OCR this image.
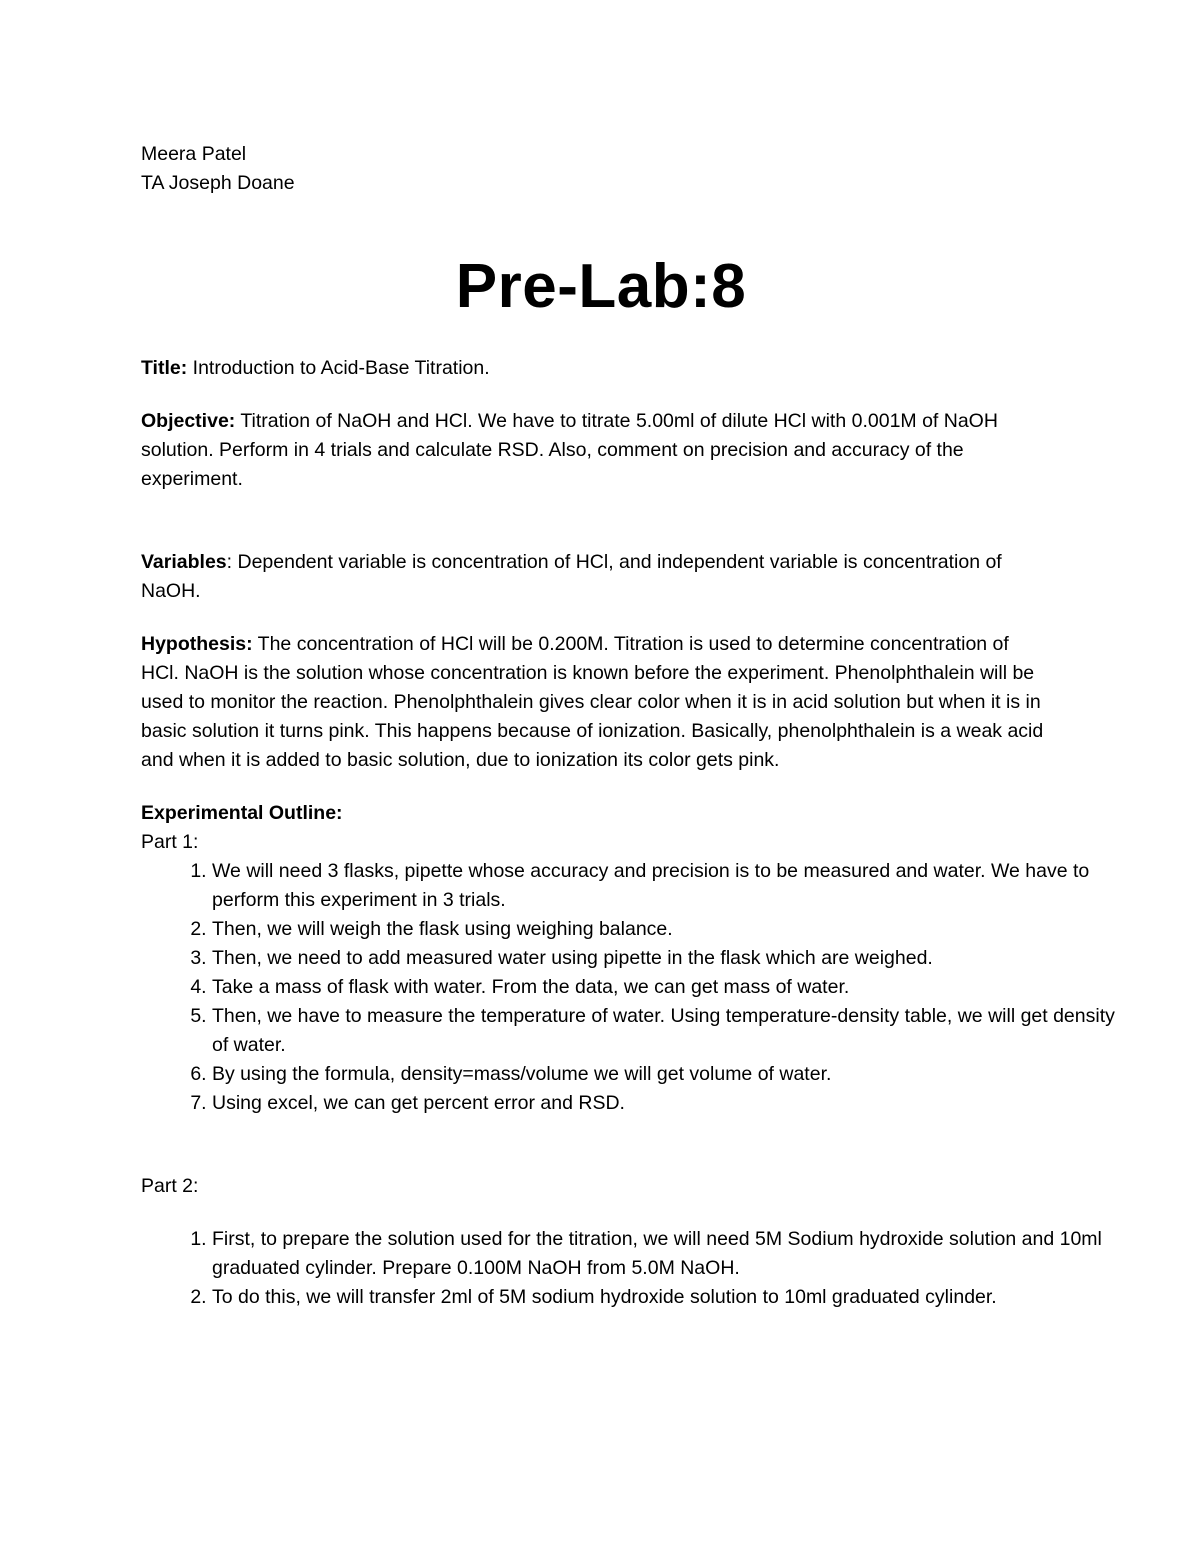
Meera Patel

TA Joseph Doane

Pre-Lab:8

Title: Introduction to Acid-Base Titration.

Objective: Titration of NaOH and HCl. We have to titrate 5.00ml of dilute HCl with 0.001M of NaOH solution. Perform in 4 trials and calculate RSD. Also, comment on precision and accuracy of the experiment.

Variables: Dependent variable is concentration of HCl, and independent variable is concentration of NaOH.

Hypothesis: The concentration of HCl will be 0.200M. Titration is used to determine concentration of HCl. NaOH is the solution whose concentration is known before the experiment. Phenolphthalein will be used to monitor the reaction. Phenolphthalein gives clear color when it is in acid solution but when it is in basic solution it turns pink. This happens because of ionization. Basically, phenolphthalein is a weak acid and when it is added to basic solution, due to ionization its color gets pink.

Experimental Outline:

Part 1:

1. We will need 3 flasks, pipette whose accuracy and precision is to be measured and water. We have to perform this experiment in 3 trials.
2. Then, we will weigh the flask using weighing balance.
3. Then, we need to add measured water using pipette in the flask which are weighed.
4. Take a mass of flask with water. From the data, we can get mass of water.
5. Then, we have to measure the temperature of water. Using temperature-density table, we will get density of water.
6. By using the formula, density=mass/volume we will get volume of water.
7. Using excel, we can get percent error and RSD.

Part 2:

1. First, to prepare the solution used for the titration, we will need 5M Sodium hydroxide solution and 10ml graduated cylinder. Prepare 0.100M NaOH from 5.0M NaOH.
2. To do this, we will transfer 2ml of 5M sodium hydroxide solution to 10ml graduated cylinder.
